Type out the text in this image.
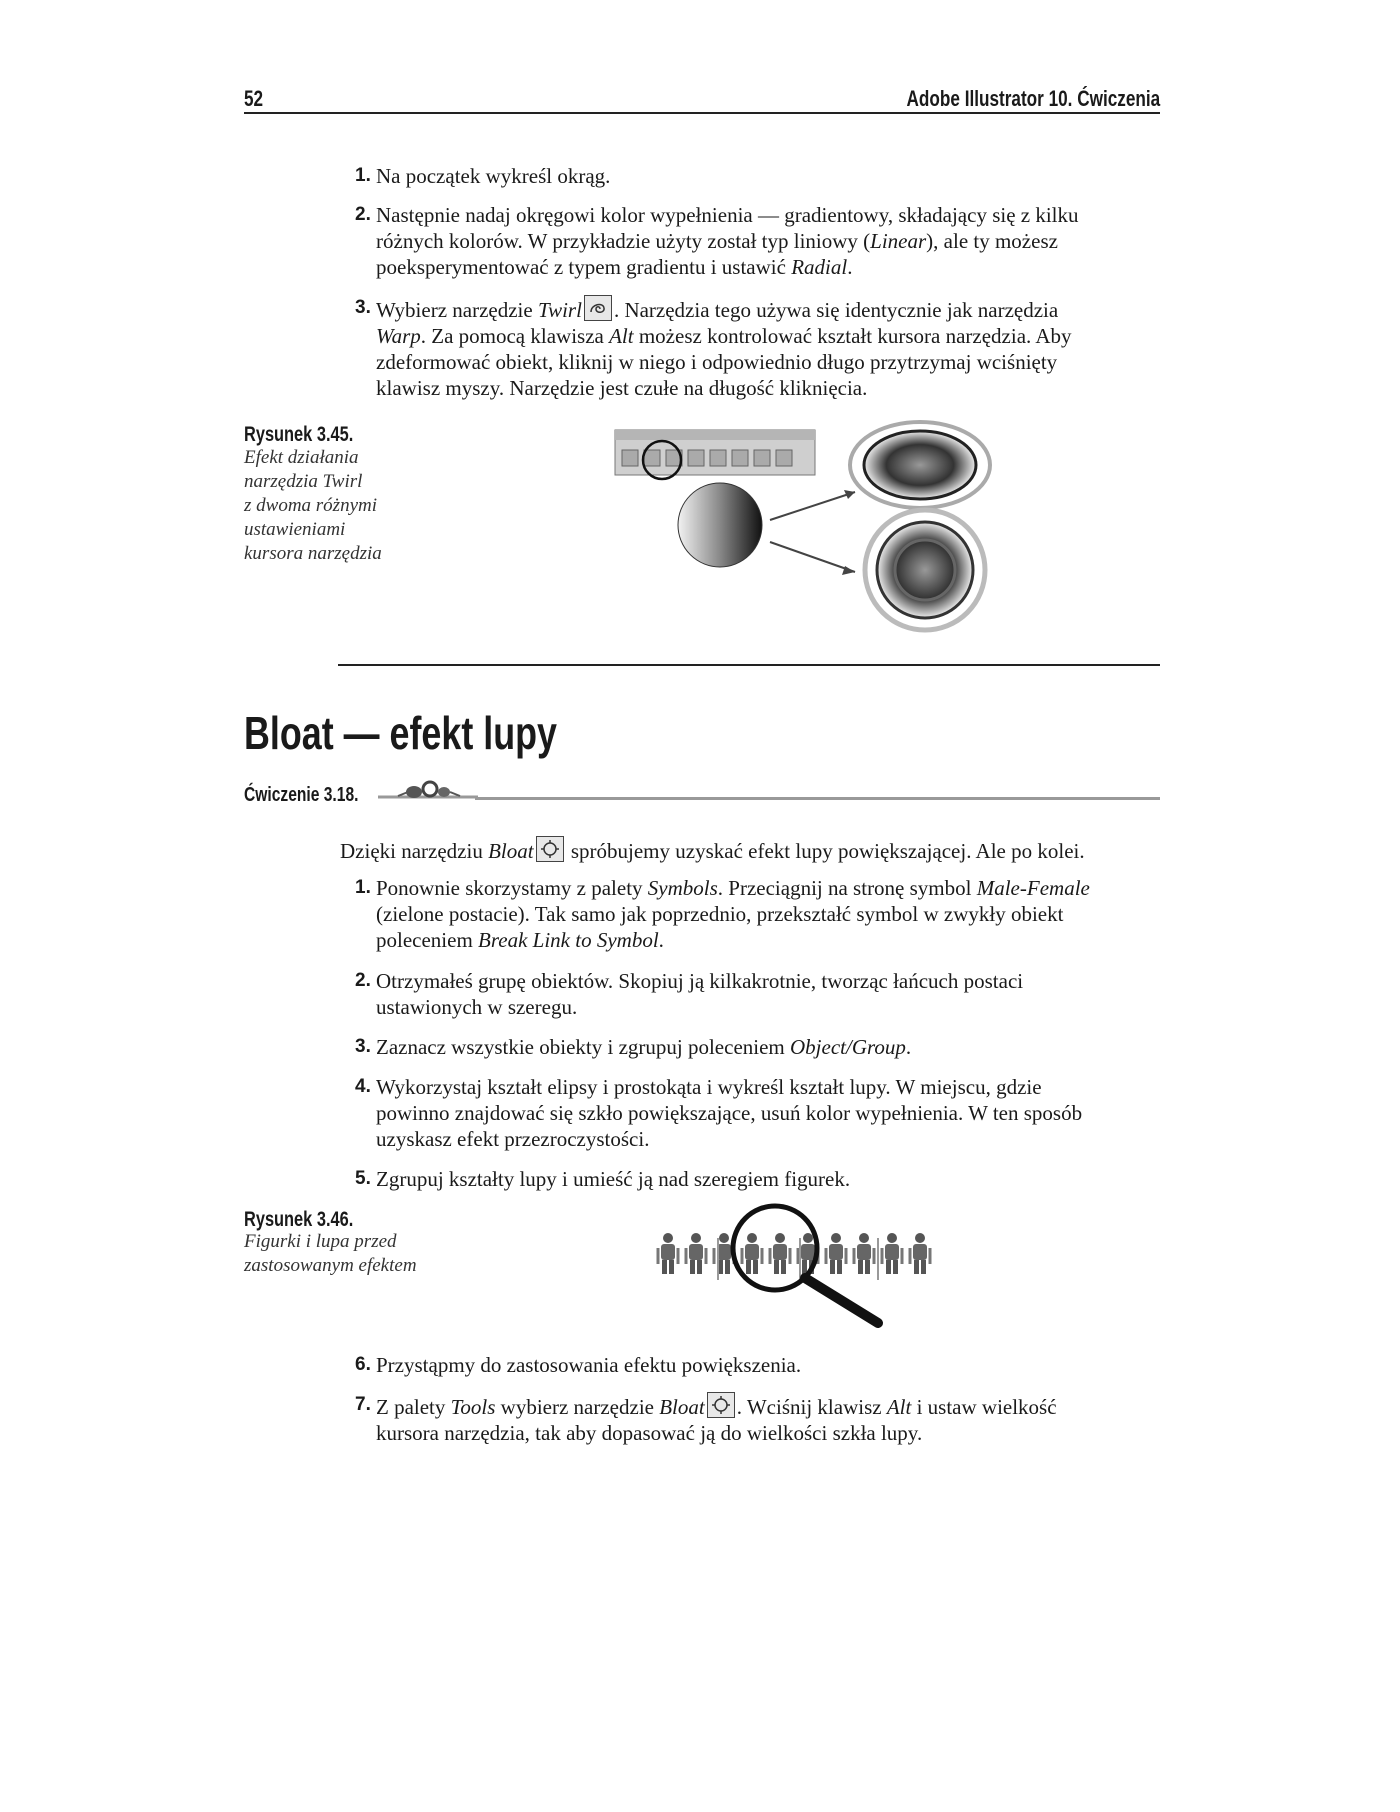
52	Adobe Illustrator 10. Ćwiczenia
1. Na początek wykreśl okrąg.
2. Następnie nadaj okręgowi kolor wypełnienia — gradientowy, składający się z kilku
różnych kolorów. W przykładzie użyty został typ liniowy (Linear), ale ty możesz
poeksperymentować z typem gradientu i ustawić Radial.
3. Wybierz narzędzie Twirl . Narzędzia tego używa się identycznie jak narzędzia
Warp. Za pomocą klawisza Alt możesz kontrolować kształt kursora narzędzia. Aby
zdeformować obiekt, kliknij w niego i odpowiednio długo przytrzymaj wciśnięty
klawisz myszy. Narzędzie jest czułe na długość kliknięcia.
Rysunek 3.45.
Efekt działania
narzędzia Twirl
z dwoma różnymi
ustawieniami
kursora narzędzia
Bloat — efekt lupy
Ćwiczenie 3.18.
Dzięki narzędziu Bloat
spróbujemy uzyskać efekt lupy powiększającej. Ale po kolei.
1. Ponownie skorzystamy z palety Symbols. Przeciągnij na stronę symbol Male-Female
(zielone postacie). Tak samo jak poprzednio, przekształć symbol w zwykły obiekt
poleceniem Break Link to Symbol.
2. Otrzymałeś grupę obiektów. Skopiuj ją kilkakrotnie, tworząc łańcuch postaci
ustawionych w szeregu.
3. Zaznacz wszystkie obiekty i zgrupuj poleceniem Object/Group.
4. Wykorzystaj kształt elipsy i prostokąta i wykreśl kształt lupy. W miejscu, gdzie
powinno znajdować się szkło powiększające, usuń kolor wypełnienia. W ten sposób
uzyskasz efekt przezroczystości.
5. Zgrupuj kształty lupy i umieść ją nad szeregiem figurek.
Rysunek 3.46.
Figurki i lupa przed
zastosowanym efektem
6. Przystąpmy do zastosowania efektu powiększenia.
7. Z palety Tools wybierz narzędzie Bloat . Wciśnij klawisz Alt i ustaw wielkość
kursora narzędzia, tak aby dopasować ją do wielkości szkła lupy.
